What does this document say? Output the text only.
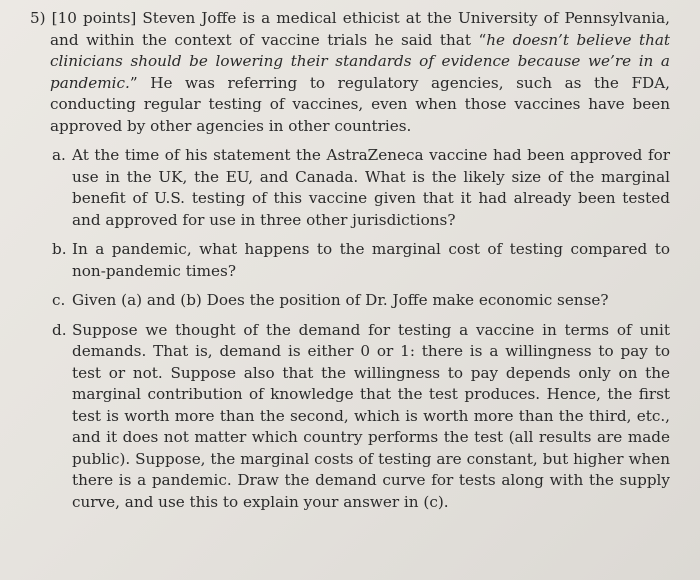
5) [10 points] Steven Joffe is a medical ethicist at the University of Pennsylvania, and within the context of vaccine trials he said that “he doesn’t believe that clinicians should be lowering their standards of evidence because we’re in a pandemic.” He was referring to regulatory agencies, such as the FDA, conducting regular testing of vaccines, even when those vaccines have been approved by other agencies in other countries.

a. At the time of his statement the AstraZeneca vaccine had been approved for use in the UK, the EU, and Canada. What is the likely size of the marginal benefit of U.S. testing of this vaccine given that it had already been tested and approved for use in three other jurisdictions?
b. In a pandemic, what happens to the marginal cost of testing compared to non-pandemic times?
c. Given (a) and (b) Does the position of Dr. Joffe make economic sense?
d. Suppose we thought of the demand for testing a vaccine in terms of unit demands. That is, demand is either 0 or 1: there is a willingness to pay to test or not. Suppose also that the willingness to pay depends only on the marginal contribution of knowledge that the test produces. Hence, the first test is worth more than the second, which is worth more than the third, etc., and it does not matter which country performs the test (all results are made public). Suppose, the marginal costs of testing are constant, but higher when there is a pandemic. Draw the demand curve for tests along with the supply curve, and use this to explain your answer in (c).
